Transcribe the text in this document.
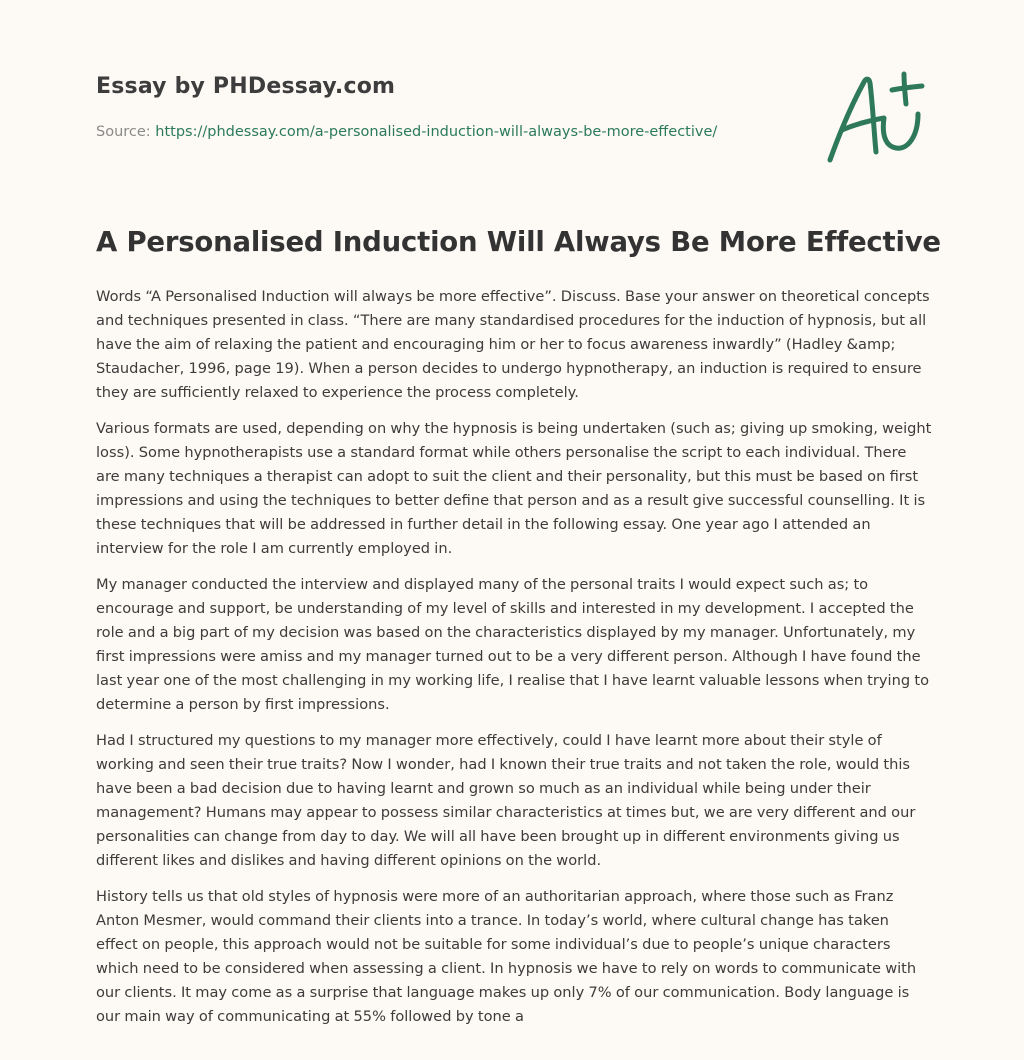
Essay by PHDessay.com
Source: https://phdessay.com/a-personalised-induction-will-always-be-more-effective/
A Personalised Induction Will Always Be More Effective

Words “A Personalised Induction will always be more effective”. Discuss. Base your answer on theoretical concepts and techniques presented in class. “There are many standardised procedures for the induction of hypnosis, but all have the aim of relaxing the patient and encouraging him or her to focus awareness inwardly” (Hadley &amp; Staudacher, 1996, page 19). When a person decides to undergo hypnotherapy, an induction is required to ensure they are sufficiently relaxed to experience the process completely.

Various formats are used, depending on why the hypnosis is being undertaken (such as; giving up smoking, weight loss). Some hypnotherapists use a standard format while others personalise the script to each individual. There are many techniques a therapist can adopt to suit the client and their personality, but this must be based on first impressions and using the techniques to better define that person and as a result give successful counselling. It is these techniques that will be addressed in further detail in the following essay. One year ago I attended an interview for the role I am currently employed in.

My manager conducted the interview and displayed many of the personal traits I would expect such as; to encourage and support, be understanding of my level of skills and interested in my development. I accepted the role and a big part of my decision was based on the characteristics displayed by my manager. Unfortunately, my first impressions were amiss and my manager turned out to be a very different person. Although I have found the last year one of the most challenging in my working life, I realise that I have learnt valuable lessons when trying to determine a person by first impressions.

Had I structured my questions to my manager more effectively, could I have learnt more about their style of working and seen their true traits? Now I wonder, had I known their true traits and not taken the role, would this have been a bad decision due to having learnt and grown so much as an individual while being under their management? Humans may appear to possess similar characteristics at times but, we are very different and our personalities can change from day to day. We will all have been brought up in different environments giving us different likes and dislikes and having different opinions on the world.

History tells us that old styles of hypnosis were more of an authoritarian approach, where those such as Franz Anton Mesmer, would command their clients into a trance. In today’s world, where cultural change has taken effect on people, this approach would not be suitable for some individual’s due to people’s unique characters which need to be considered when assessing a client. In hypnosis we have to rely on words to communicate with our clients. It may come as a surprise that language makes up only 7% of our communication. Body language is our main way of communicating at 55% followed by tone a
